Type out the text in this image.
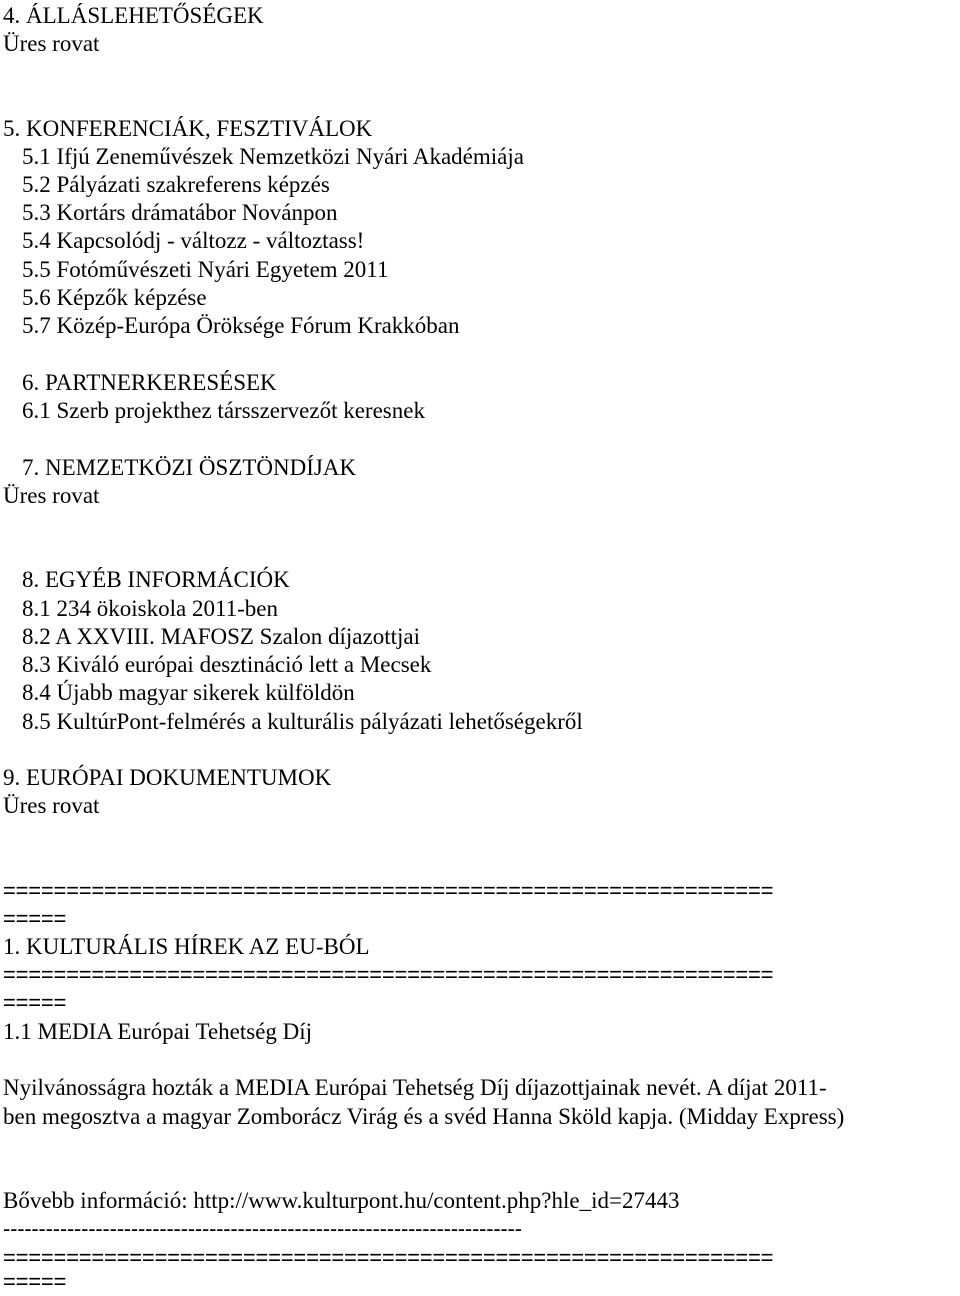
4. ÁLLÁSLEHETŐSÉGEK
Üres rovat
5. KONFERENCIÁK, FESZTIVÁLOK
5.1 Ifjú Zeneművészek Nemzetközi Nyári Akadémiája
5.2 Pályázati szakreferens képzés
5.3 Kortárs drámatábor Novánpon
5.4 Kapcsolódj - változz - változtass!
5.5 Fotóművészeti Nyári Egyetem 2011
5.6 Képzők képzése
5.7 Közép-Európa Öröksége Fórum Krakkóban
6. PARTNERKERESÉSEK
6.1 Szerb projekthez társszervezőt keresnek
7. NEMZETKÖZI ÖSZTÖNDÍJAK
Üres rovat
8. EGYÉB INFORMÁCIÓK
8.1 234 ökoiskola 2011-ben
8.2 A XXVIII. MAFOSZ Szalon díjazottjai
8.3 Kiváló európai desztináció lett a Mecsek
8.4 Újabb magyar sikerek külföldön
8.5 KultúrPont-felmérés a kulturális pályázati lehetőségekről
9. EURÓPAI DOKUMENTUMOK
Üres rovat
=============================================================
=====
1. KULTURÁLIS HÍREK AZ EU-BÓL
=============================================================
=====
1.1 MEDIA Európai Tehetség Díj
Nyilvánosságra hozták a MEDIA Európai Tehetség Díj díjazottjainak nevét. A díjat 2011-
ben megosztva a magyar Zomborácz Virág és a svéd Hanna Sköld kapja. (Midday Express)
Bővebb információ: http://www.kulturpont.hu/content.php?hle_id=27443
-------------------------------------------------------------------------
=============================================================
=====
